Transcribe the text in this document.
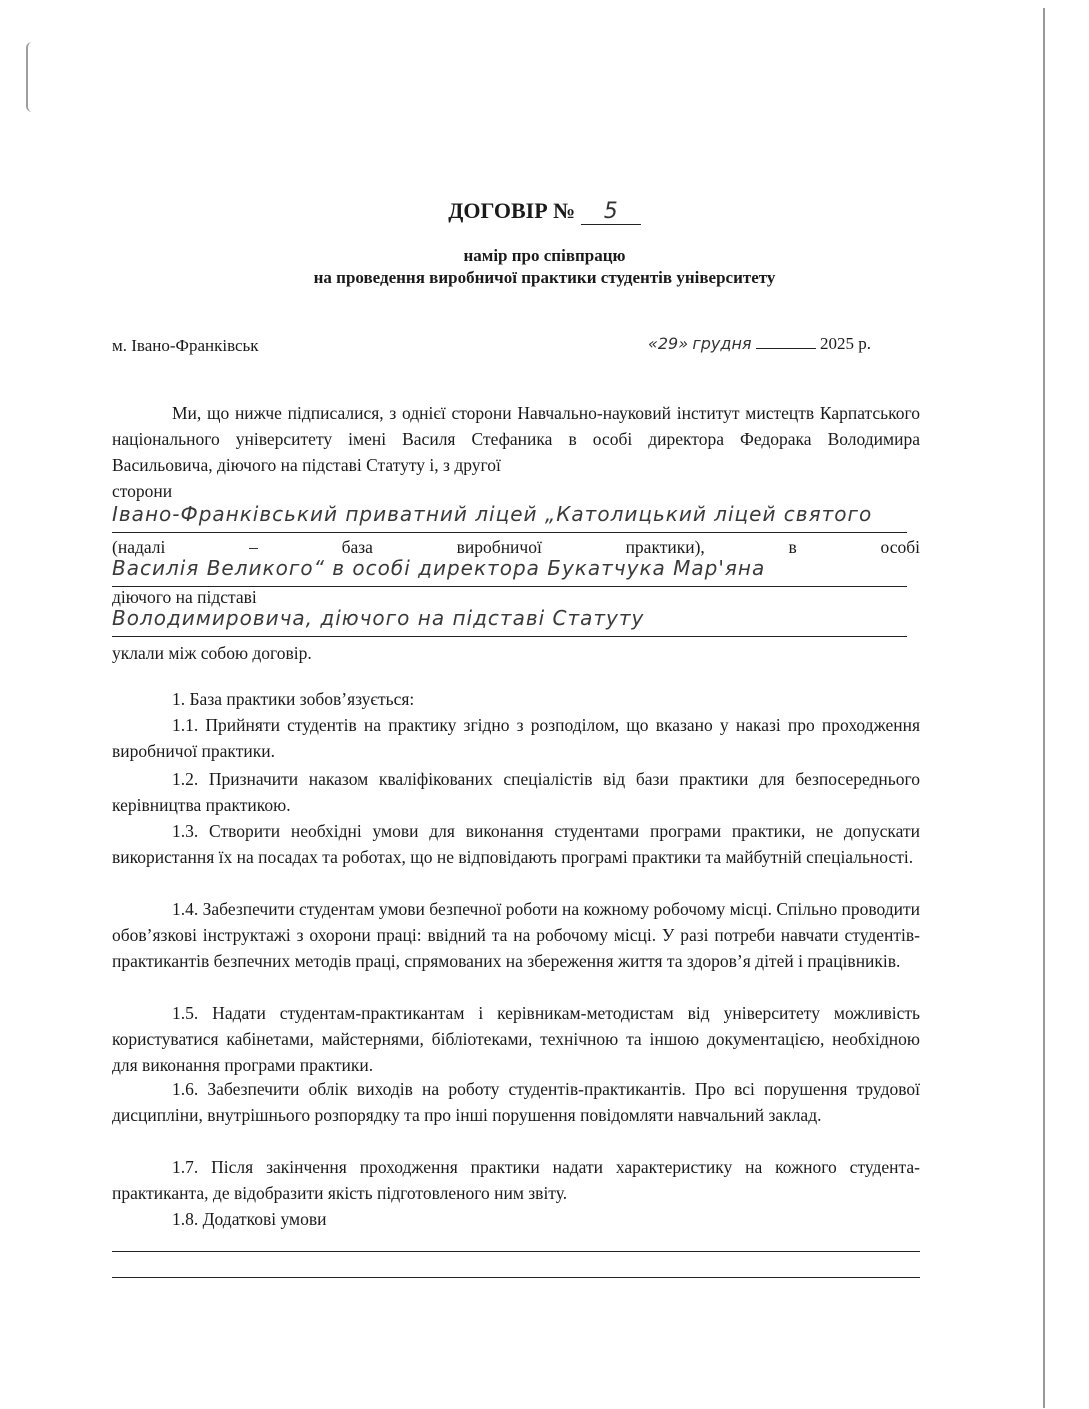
ДОГОВІР № 5
намір про співпрацю
на проведення виробничої практики студентів університету
м. Івано-Франківськ	«29» грудня	2025 р.
Ми, що нижче підписалися, з однієї сторони Навчально-науковий інститут мистецтв Карпатського національного університету імені Василя Стефаника в особі директора Федорака Володимира Васильовича, діючого на підставі Статуту і, з другої
сторони
Івано-Франківський приватний ліцей „Католицький ліцей святого
(надалі – база виробничої практики), в особі
Василія Великого“ в особі директора Букатчука Мар'яна
діючого на підставі
Володимировича, діючого на підставі Статуту
уклали між собою договір.
1. База практики зобов’язується:
1.1. Прийняти студентів на практику згідно з розподілом, що вказано у наказі про проходження виробничої практики.
1.2. Призначити наказом кваліфікованих спеціалістів від бази практики для безпосереднього керівництва практикою.
1.3. Створити необхідні умови для виконання студентами програми практики, не допускати використання їх на посадах та роботах, що не відповідають програмі практики та майбутній спеціальності.
1.4. Забезпечити студентам умови безпечної роботи на кожному робочому місці. Спільно проводити обов’язкові інструктажі з охорони праці: ввідний та на робочому місці. У разі потреби навчати студентів-практикантів безпечних методів праці, спрямованих на збереження життя та здоров’я дітей і працівників.
1.5. Надати студентам-практикантам і керівникам-методистам від університету можливість користуватися кабінетами, майстернями, бібліотеками, технічною та іншою документацією, необхідною для виконання програми практики.
1.6. Забезпечити облік виходів на роботу студентів-практикантів. Про всі порушення трудової дисципліни, внутрішнього розпорядку та про інші порушення повідомляти навчальний заклад.
1.7. Після закінчення проходження практики надати характеристику на кожного студента-практиканта, де відобразити якість підготовленого ним звіту.
1.8. Додаткові умови
